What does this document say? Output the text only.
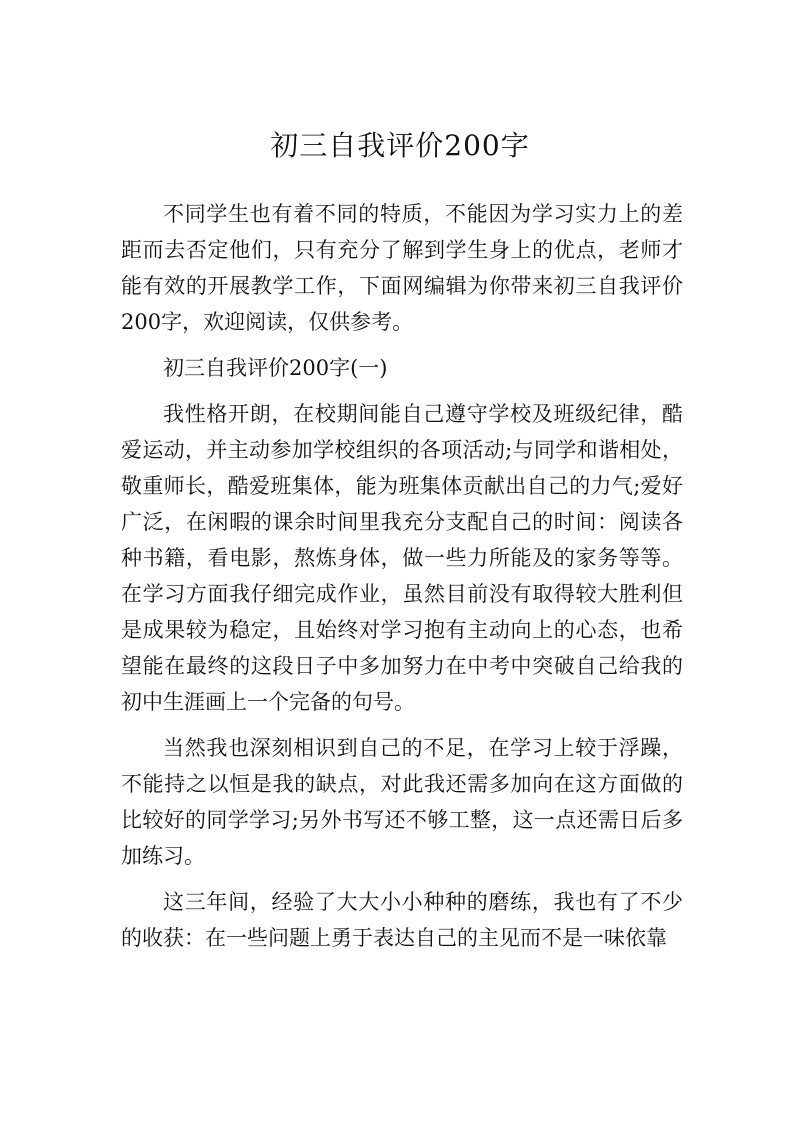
初三自我评价200字

不同学生也有着不同的特质，不能因为学习实力上的差距而去否定他们，只有充分了解到学生身上的优点，老师才能有效的开展教学工作，下面网编辑为你带来初三自我评价200字，欢迎阅读，仅供参考。

初三自我评价200字(一)

我性格开朗，在校期间能自己遵守学校及班级纪律，酷爱运动，并主动参加学校组织的各项活动;与同学和谐相处，敬重师长，酷爱班集体，能为班集体贡献出自己的力气;爱好广泛，在闲暇的课余时间里我充分支配自己的时间：阅读各种书籍，看电影，熬炼身体，做一些力所能及的家务等等。在学习方面我仔细完成作业，虽然目前没有取得较大胜利但是成果较为稳定，且始终对学习抱有主动向上的心态，也希望能在最终的这段日子中多加努力在中考中突破自己给我的初中生涯画上一个完备的句号。

当然我也深刻相识到自己的不足，在学习上较于浮躁，不能持之以恒是我的缺点，对此我还需多加向在这方面做的比较好的同学学习;另外书写还不够工整，这一点还需日后多加练习。

这三年间，经验了大大小小种种的磨练，我也有了不少的收获：在一些问题上勇于表达自己的主见而不是一味依靠
